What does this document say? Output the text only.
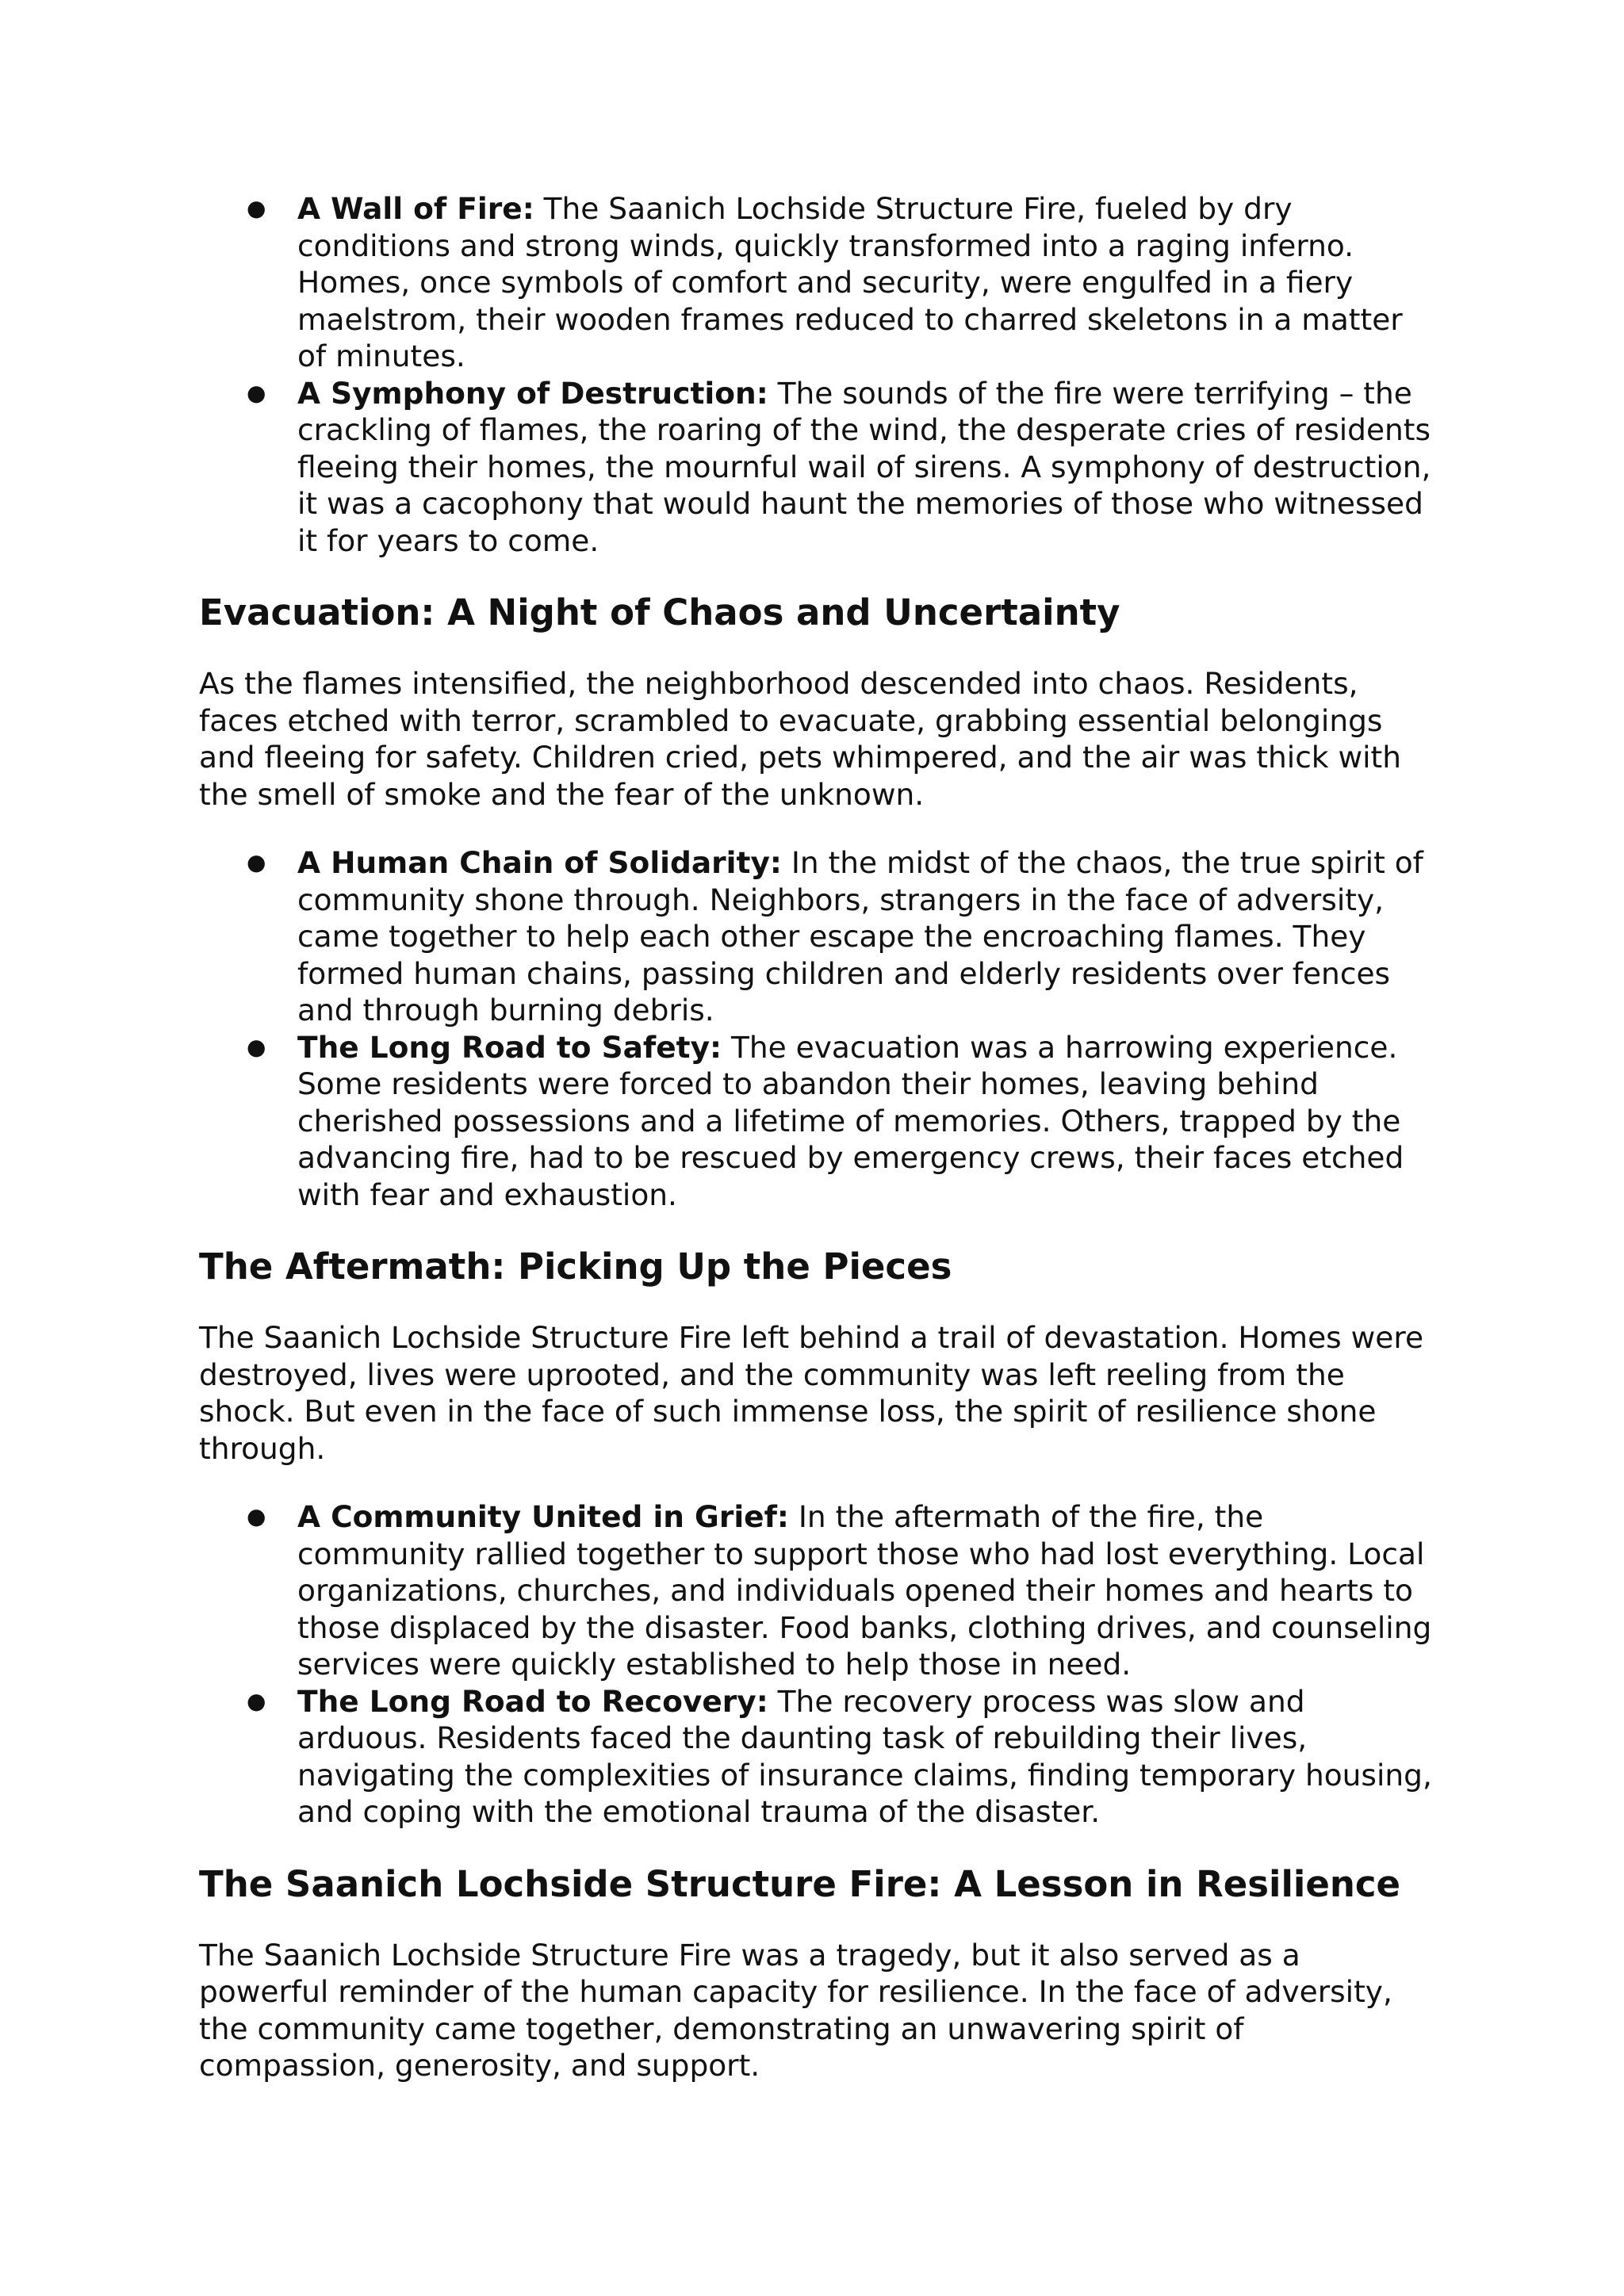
● A Wall of Fire: The Saanich Lochside Structure Fire, fueled by dry conditions and strong winds, quickly transformed into a raging inferno. Homes, once symbols of comfort and security, were engulfed in a fiery maelstrom, their wooden frames reduced to charred skeletons in a matter of minutes.
● A Symphony of Destruction: The sounds of the fire were terrifying – the crackling of flames, the roaring of the wind, the desperate cries of residents fleeing their homes, the mournful wail of sirens. A symphony of destruction, it was a cacophony that would haunt the memories of those who witnessed it for years to come.
Evacuation: A Night of Chaos and Uncertainty

As the flames intensified, the neighborhood descended into chaos. Residents, faces etched with terror, scrambled to evacuate, grabbing essential belongings and fleeing for safety. Children cried, pets whimpered, and the air was thick with the smell of smoke and the fear of the unknown.

● A Human Chain of Solidarity: In the midst of the chaos, the true spirit of community shone through. Neighbors, strangers in the face of adversity, came together to help each other escape the encroaching flames. They formed human chains, passing children and elderly residents over fences and through burning debris.
● The Long Road to Safety: The evacuation was a harrowing experience. Some residents were forced to abandon their homes, leaving behind cherished possessions and a lifetime of memories. Others, trapped by the advancing fire, had to be rescued by emergency crews, their faces etched with fear and exhaustion.
The Aftermath: Picking Up the Pieces

The Saanich Lochside Structure Fire left behind a trail of devastation. Homes were destroyed, lives were uprooted, and the community was left reeling from the shock. But even in the face of such immense loss, the spirit of resilience shone through.

● A Community United in Grief: In the aftermath of the fire, the community rallied together to support those who had lost everything. Local organizations, churches, and individuals opened their homes and hearts to those displaced by the disaster. Food banks, clothing drives, and counseling services were quickly established to help those in need.
● The Long Road to Recovery: The recovery process was slow and arduous. Residents faced the daunting task of rebuilding their lives, navigating the complexities of insurance claims, finding temporary housing, and coping with the emotional trauma of the disaster.
The Saanich Lochside Structure Fire: A Lesson in Resilience

The Saanich Lochside Structure Fire was a tragedy, but it also served as a powerful reminder of the human capacity for resilience. In the face of adversity, the community came together, demonstrating an unwavering spirit of compassion, generosity, and support.
